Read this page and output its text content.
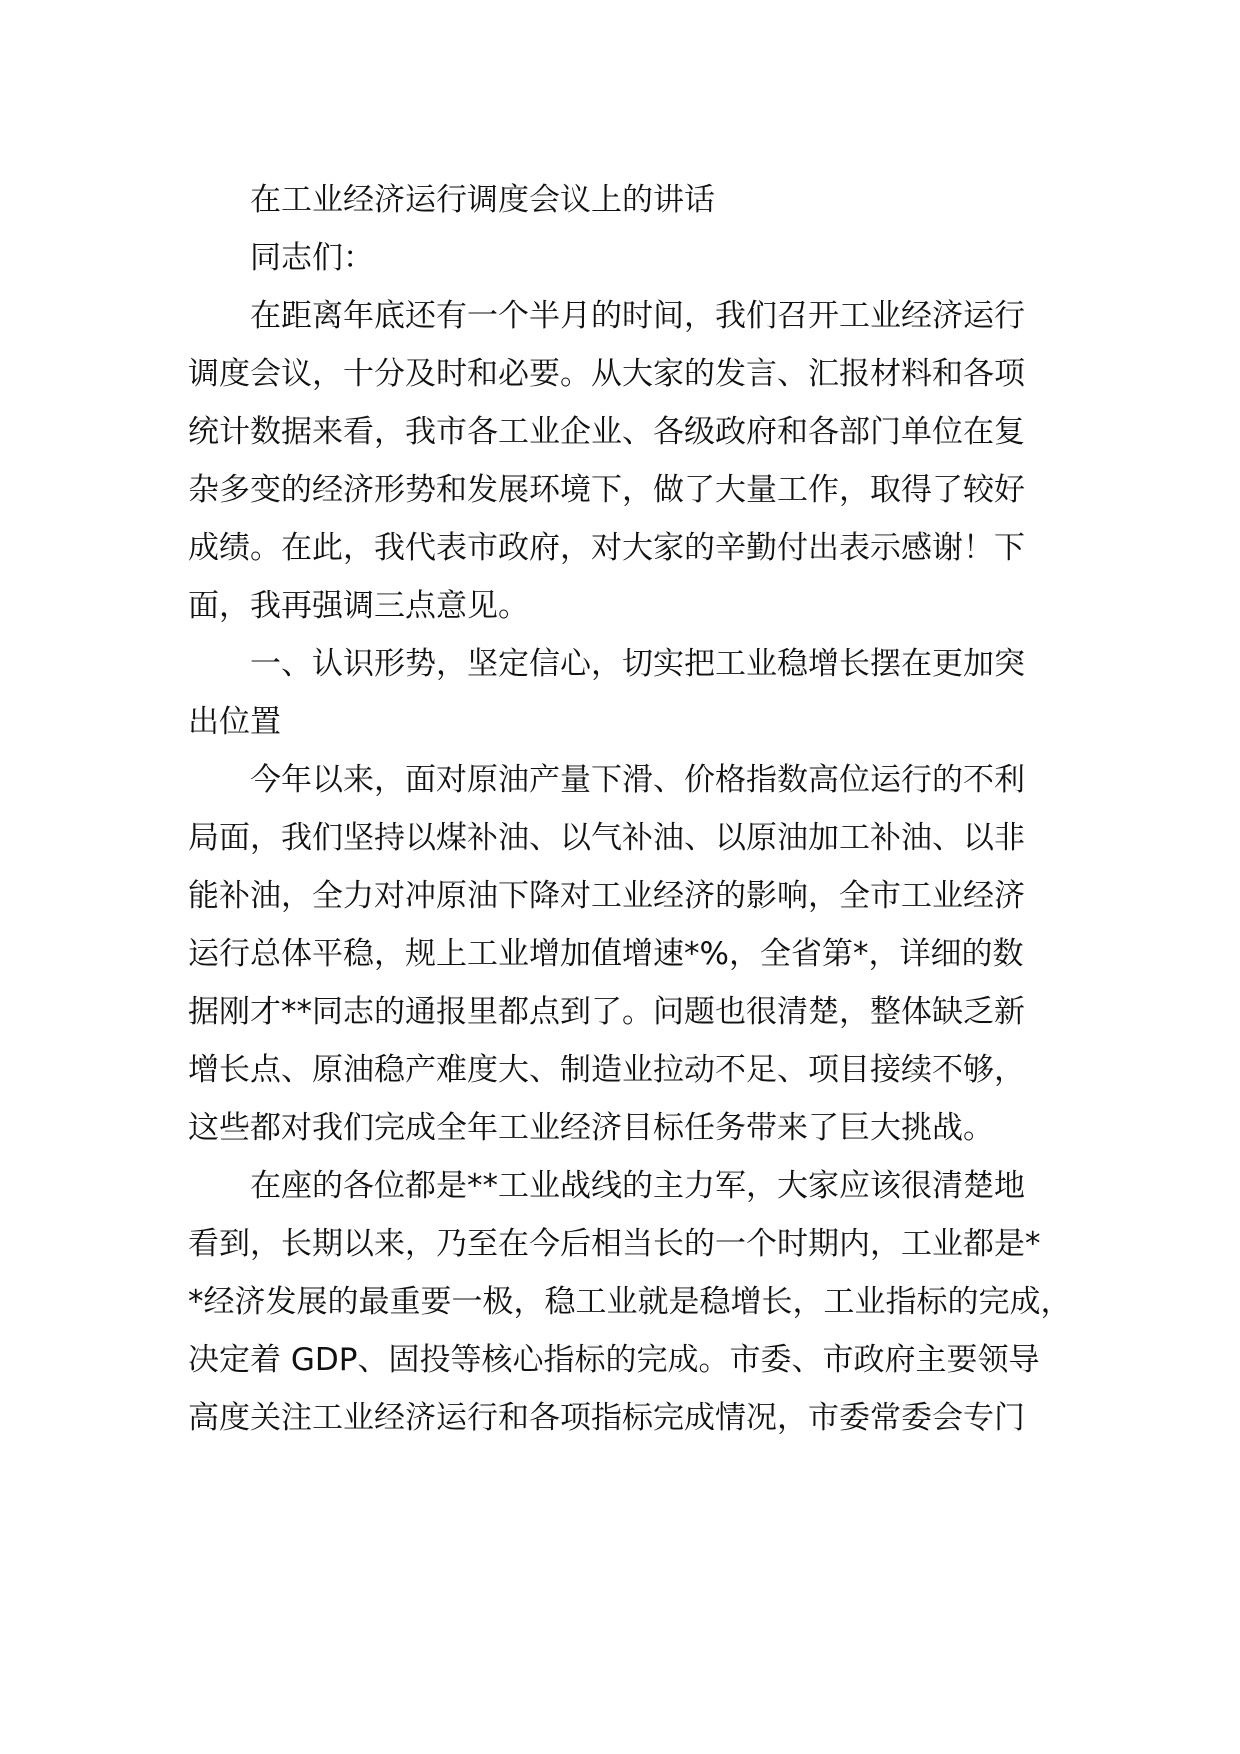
在工业经济运行调度会议上的讲话
同志们：
在距离年底还有一个半月的时间，我们召开工业经济运行
调度会议，十分及时和必要。从大家的发言、汇报材料和各项
统计数据来看，我市各工业企业、各级政府和各部门单位在复
杂多变的经济形势和发展环境下，做了大量工作，取得了较好
成绩。在此，我代表市政府，对大家的辛勤付出表示感谢！下
面，我再强调三点意见。
一、认识形势，坚定信心，切实把工业稳增长摆在更加突
出位置
今年以来，面对原油产量下滑、价格指数高位运行的不利
局面，我们坚持以煤补油、以气补油、以原油加工补油、以非
能补油，全力对冲原油下降对工业经济的影响，全市工业经济
运行总体平稳，规上工业增加值增速*%，全省第*，详细的数
据刚才**同志的通报里都点到了。问题也很清楚，整体缺乏新
增长点、原油稳产难度大、制造业拉动不足、项目接续不够，
这些都对我们完成全年工业经济目标任务带来了巨大挑战。
在座的各位都是**工业战线的主力军，大家应该很清楚地
看到，长期以来，乃至在今后相当长的一个时期内，工业都是*
*经济发展的最重要一极，稳工业就是稳增长，工业指标的完成，
决定着 GDP、固投等核心指标的完成。市委、市政府主要领导
高度关注工业经济运行和各项指标完成情况，市委常委会专门
